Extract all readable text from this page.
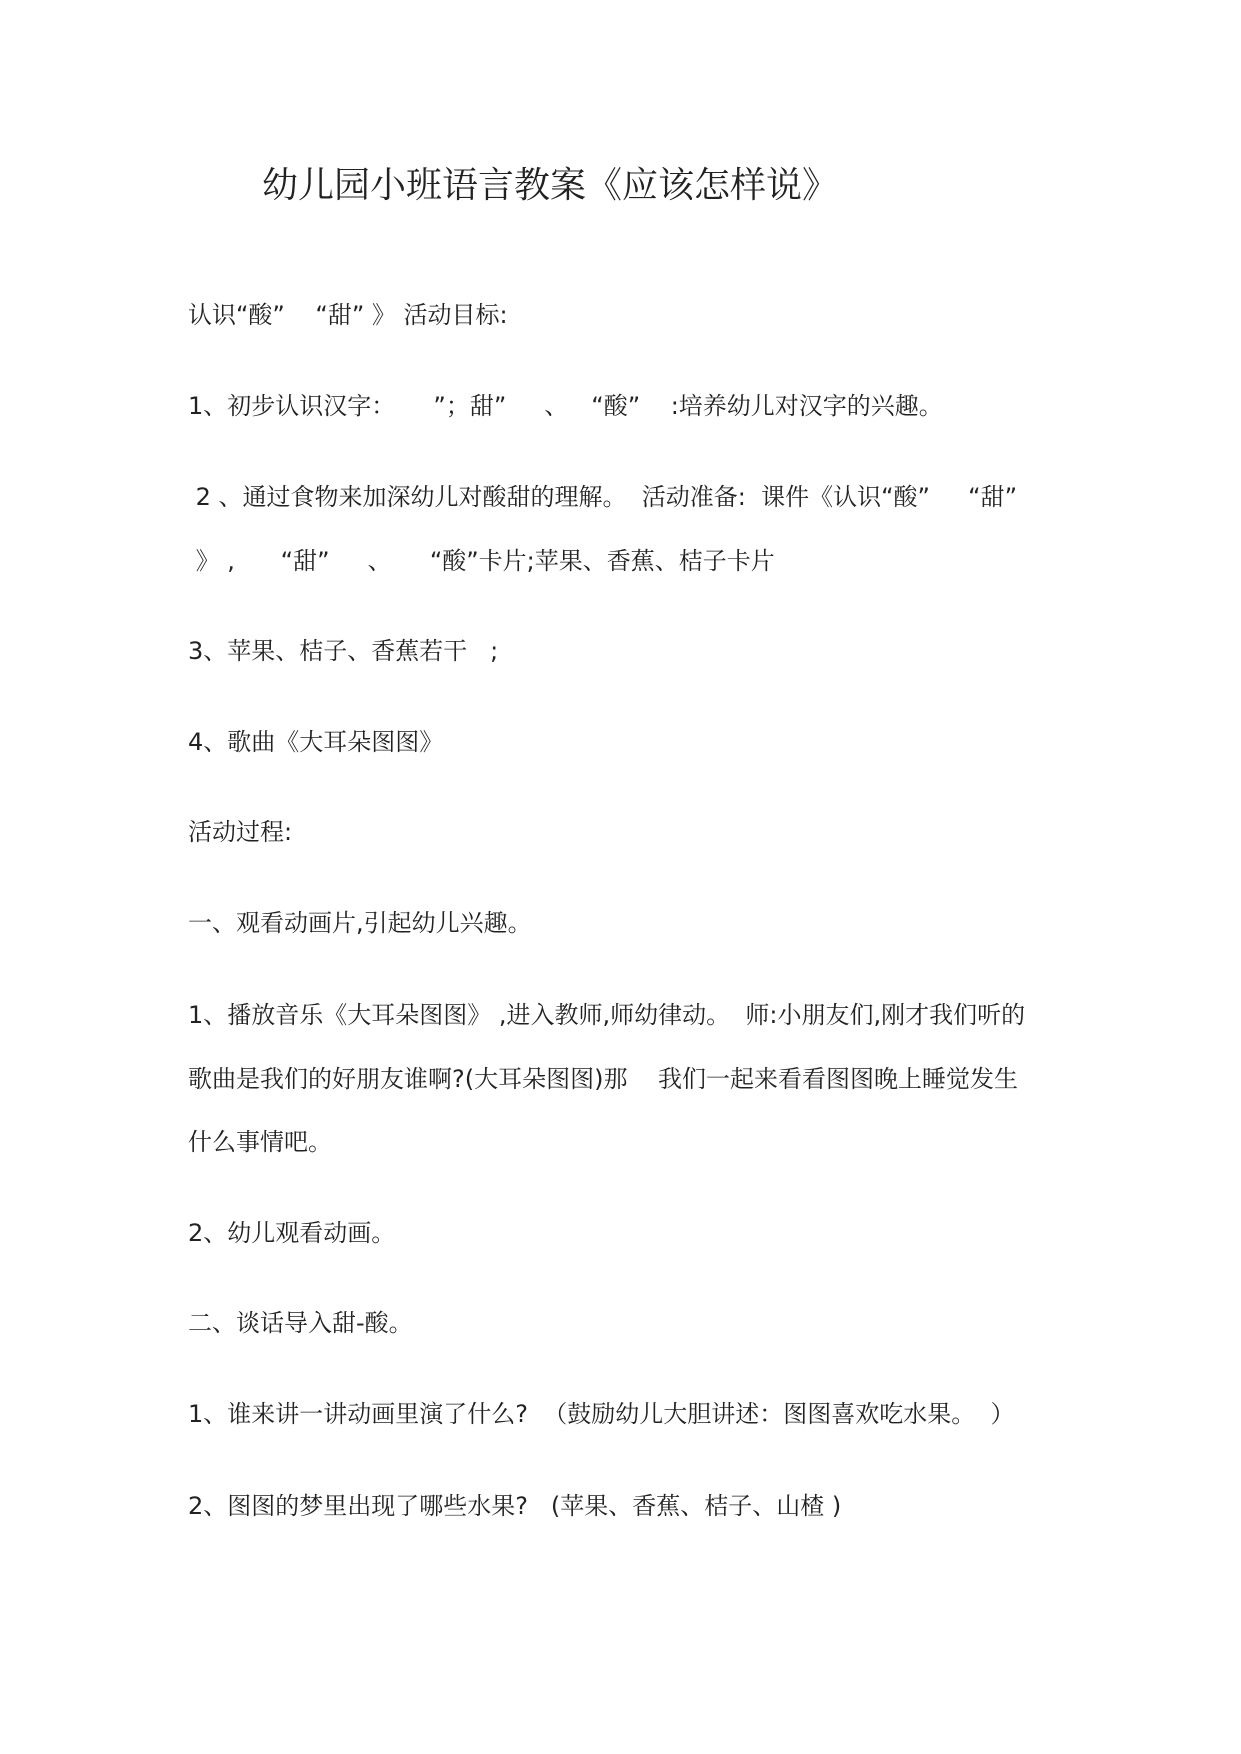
幼儿园小班语言教案《应该怎样说》

认识“酸”    “甜” 》 活动目标:

1、初步认识汉字：     ”；甜”     、   “酸”    :培养幼儿对汉字的兴趣。

2 、通过食物来加深幼儿对酸甜的理解。  活动准备:  课件《认识“酸”     “甜”

》 ,      “甜”     、     “酸”卡片;苹果、香蕉、桔子卡片

3、苹果、桔子、香蕉若干   ;

4、歌曲《大耳朵图图》

活动过程:

一、观看动画片,引起幼儿兴趣。

1、播放音乐《大耳朵图图》 ,进入教师,师幼律动。  师:小朋友们,刚才我们听的

歌曲是我们的好朋友谁啊?(大耳朵图图)那    我们一起来看看图图晚上睡觉发生

什么事情吧。

2、幼儿观看动画。

二、谈话导入甜-酸。

1、谁来讲一讲动画里演了什么?  （鼓励幼儿大胆讲述：图图喜欢吃水果。  ）

2、图图的梦里出现了哪些水果?   (苹果、香蕉、桔子、山楂 )
